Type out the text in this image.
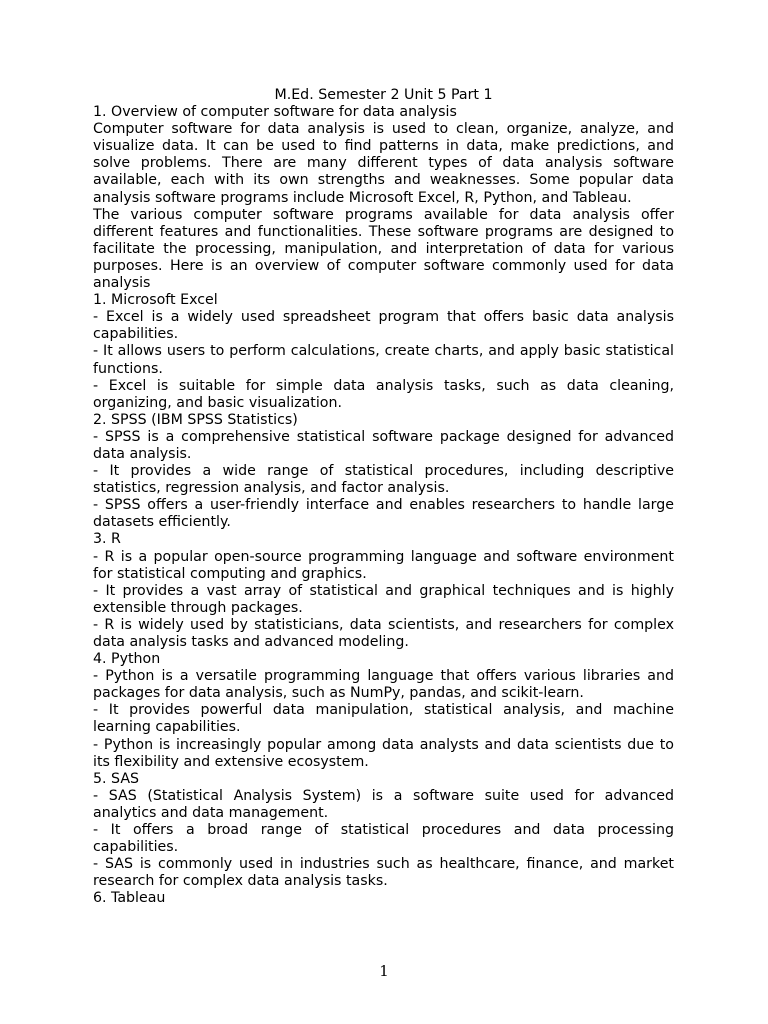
M.Ed. Semester 2 Unit 5 Part 1

1. Overview of computer software for data analysis

Computer software for data analysis is used to clean, organize, analyze, and visualize data. It can be used to find patterns in data, make predictions, and solve problems. There are many different types of data analysis software available, each with its own strengths and weaknesses. Some popular data analysis software programs include Microsoft Excel, R, Python, and Tableau.

The various computer software programs available for data analysis offer different features and functionalities. These software programs are designed to facilitate the processing, manipulation, and interpretation of data for various purposes. Here is an overview of computer software commonly used for data analysis

1. Microsoft Excel

- Excel is a widely used spreadsheet program that offers basic data analysis capabilities.

- It allows users to perform calculations, create charts, and apply basic statistical functions.

- Excel is suitable for simple data analysis tasks, such as data cleaning, organizing, and basic visualization.

2. SPSS (IBM SPSS Statistics)

- SPSS is a comprehensive statistical software package designed for advanced data analysis.

- It provides a wide range of statistical procedures, including descriptive statistics, regression analysis, and factor analysis.

- SPSS offers a user-friendly interface and enables researchers to handle large datasets efficiently.

3. R

- R is a popular open-source programming language and software environment for statistical computing and graphics.

- It provides a vast array of statistical and graphical techniques and is highly extensible through packages.

- R is widely used by statisticians, data scientists, and researchers for complex data analysis tasks and advanced modeling.

4. Python

- Python is a versatile programming language that offers various libraries and packages for data analysis, such as NumPy, pandas, and scikit-learn.

- It provides powerful data manipulation, statistical analysis, and machine learning capabilities.

- Python is increasingly popular among data analysts and data scientists due to its flexibility and extensive ecosystem.

5. SAS

- SAS (Statistical Analysis System) is a software suite used for advanced analytics and data management.

- It offers a broad range of statistical procedures and data processing capabilities.

- SAS is commonly used in industries such as healthcare, finance, and market research for complex data analysis tasks.

6. Tableau

1
